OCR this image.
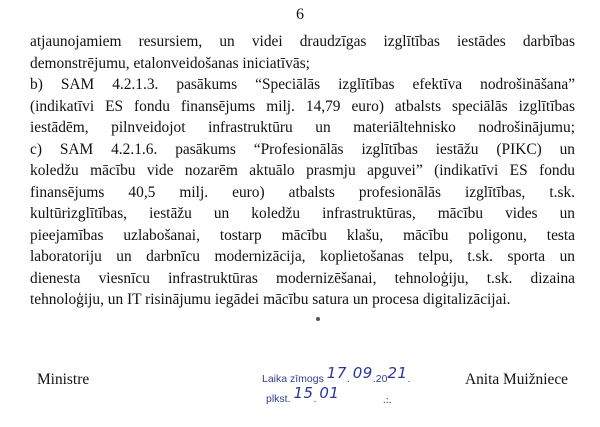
6
atjaunojamiem resursiem, un videi draudzīgas izglītības iestādes darbības
demonstrējumu, etalonveidošanas iniciatīvās;
b) SAM 4.2.1.3. pasākums “Speciālās izglītības efektīva nodrošināšana”
(indikatīvi ES fondu finansējums milj. 14,79 euro) atbalsts speciālās izglītības
iestādēm, pilnveidojot infrastruktūru un materiāltehnisko nodrošinājumu;
c) SAM 4.2.1.6. pasākums “Profesionālās izglītības iestāžu (PIKC) un
koledžu mācību vide nozarēm aktuālo prasmju apguvei” (indikatīvi ES fondu
finansējums 40,5 milj. euro) atbalsts profesionālās izglītības, t.sk.
kultūrizglītības, iestāžu un koledžu infrastruktūras, mācību vides un
pieejamības uzlabošanai, tostarp mācību klašu, mācību poligonu, testa
laboratoriju un darbnīcu modernizācija, koplietošanas telpu, t.sk. sporta un
dienesta viesnīcu infrastruktūras modernizēšanai, tehnoloģiju, t.sk. dizaina
tehnoloģiju, un IT risinājumu iegādei mācību satura un procesa digitalizācijai.
Ministre	Anita Muižniece
Laika zīmogs 17. 09.2021.
plkst. 15. 01	.:.
